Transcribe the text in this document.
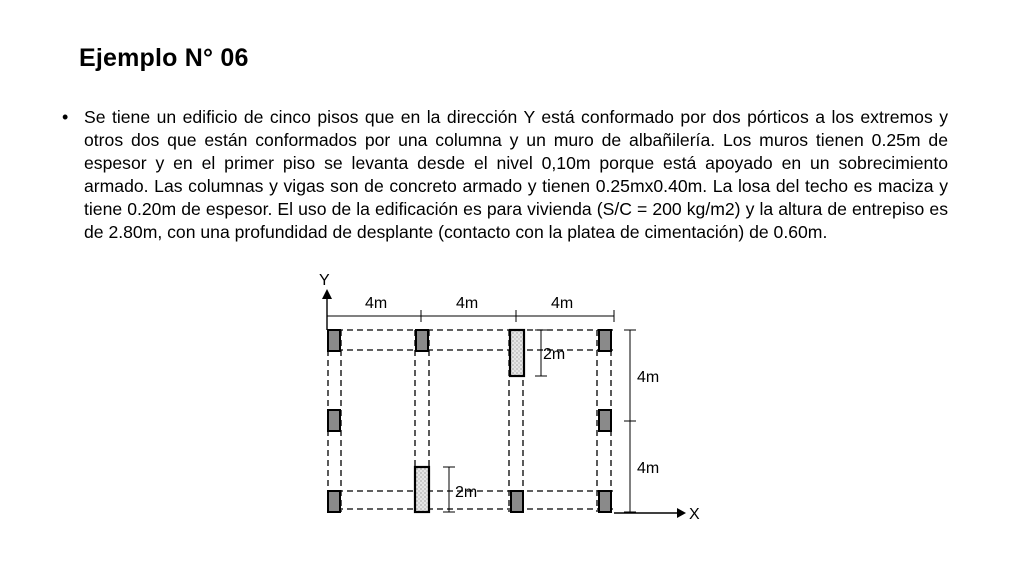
Ejemplo N° 06
• Se tiene un edificio de cinco pisos que en la dirección Y está conformado por dos pórticos a los extremos y otros dos que están conformados por una columna y un muro de albañilería. Los muros tienen 0.25m de espesor y en el primer piso se levanta desde el nivel 0,10m porque está apoyado en un sobrecimiento armado. Las columnas y vigas son de concreto armado y tienen 0.25mx0.40m. La losa del techo es maciza y tiene 0.20m de espesor. El uso de la edificación es para vivienda (S/C = 200 kg/m2) y la altura de entrepiso es de 2.80m, con una profundidad de desplante (contacto con la platea de cimentación) de 0.60m.
Y
X
4m	4m	4m
4m
4m
2m
2m
